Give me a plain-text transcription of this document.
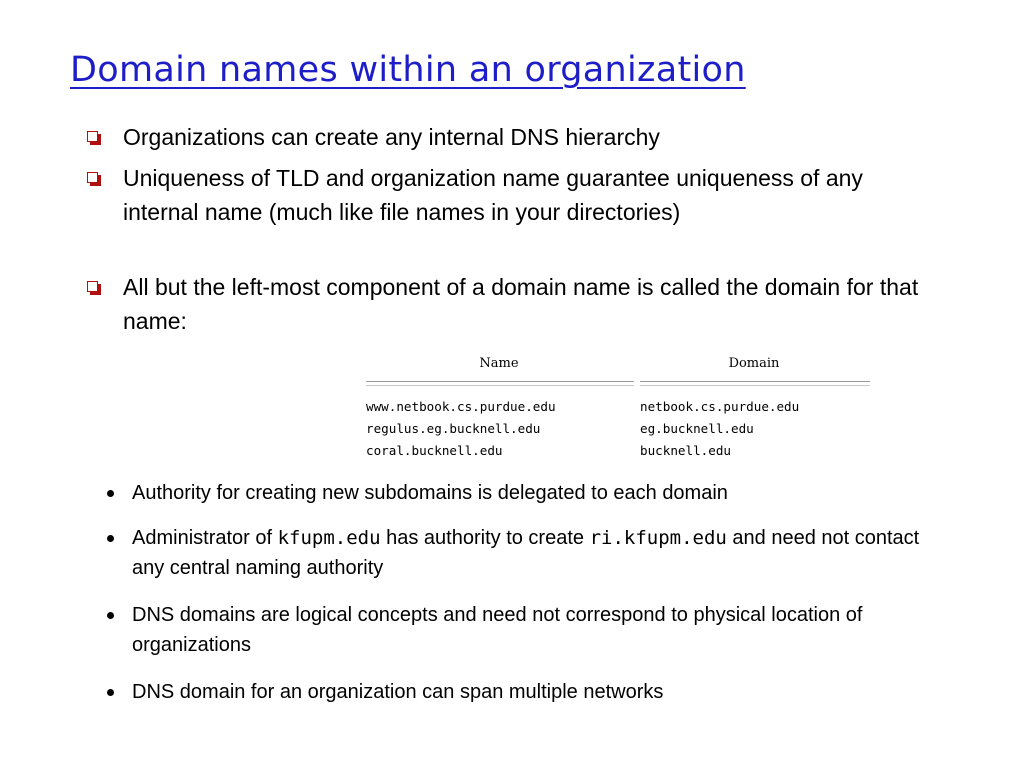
Domain names within an organization
Organizations can create any internal DNS hierarchy
Uniqueness of TLD and organization name guarantee uniqueness of any internal name (much like file names in your directories)
All but the left-most component of a domain name is called the domain for that name:
Name	Domain
www.netbook.cs.purdue.edu	netbook.cs.purdue.edu
regulus.eg.bucknell.edu	eg.bucknell.edu
coral.bucknell.edu	bucknell.edu
Authority for creating new subdomains is delegated to each domain
Administrator of kfupm.edu has authority to create ri.kfupm.edu and need not contact any central naming authority
DNS domains are logical concepts and need not correspond to physical location of organizations
DNS domain for an organization can span multiple networks
